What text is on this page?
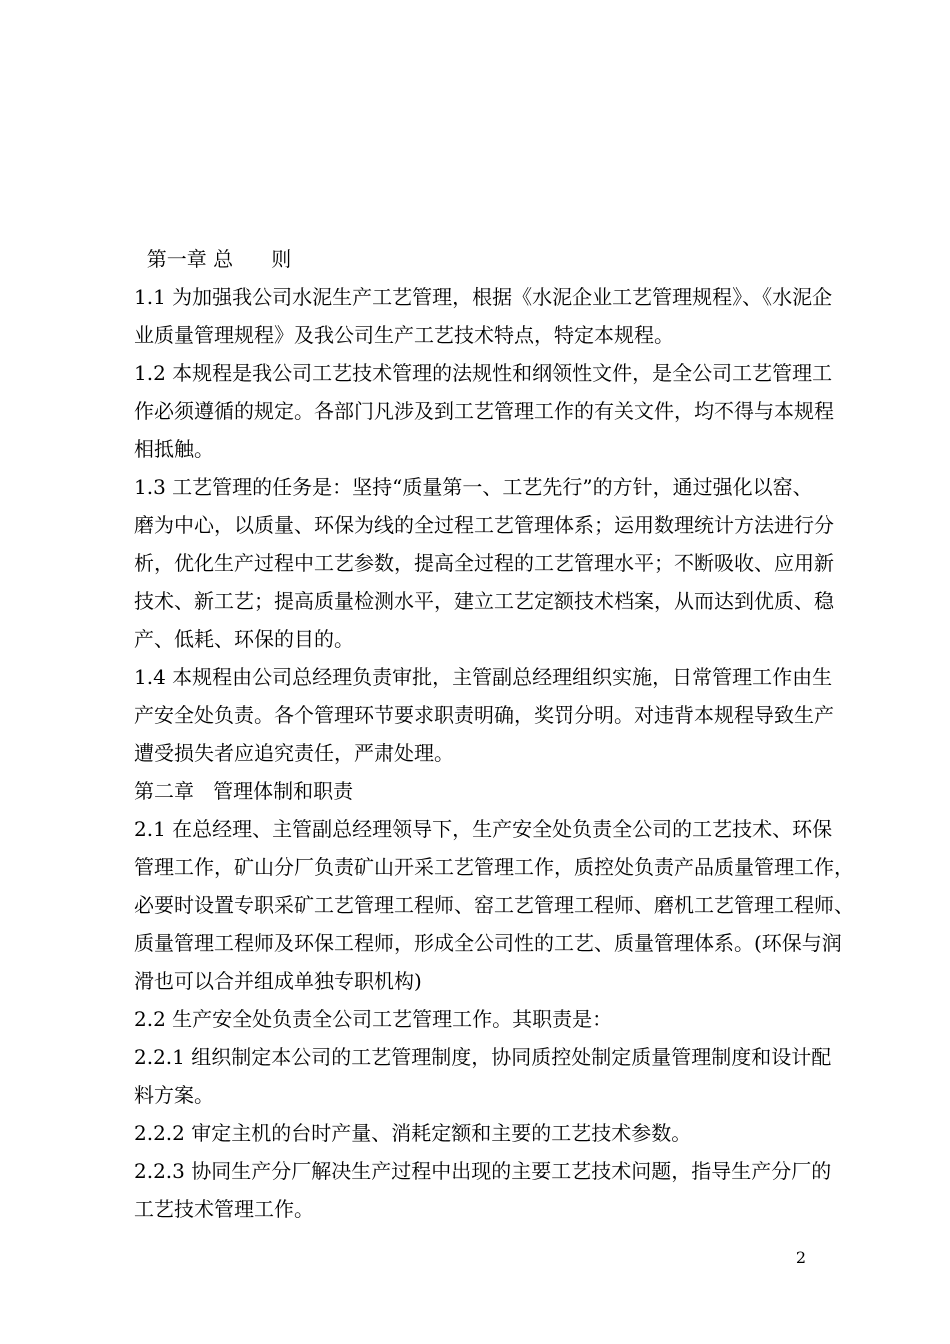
第一章 总      则
1.1 为加强我公司水泥生产工艺管理，根据《水泥企业工艺管理规程》、《水泥企
业质量管理规程》及我公司生产工艺技术特点，特定本规程。
1.2 本规程是我公司工艺技术管理的法规性和纲领性文件，是全公司工艺管理工
作必须遵循的规定。各部门凡涉及到工艺管理工作的有关文件，均不得与本规程
相抵触。
1.3 工艺管理的任务是：坚持“质量第一、工艺先行”的方针，通过强化以窑、
磨为中心，以质量、环保为线的全过程工艺管理体系；运用数理统计方法进行分
析，优化生产过程中工艺参数，提高全过程的工艺管理水平；不断吸收、应用新
技术、新工艺；提高质量检测水平，建立工艺定额技术档案，从而达到优质、稳
产、低耗、环保的目的。
1.4 本规程由公司总经理负责审批，主管副总经理组织实施，日常管理工作由生
产安全处负责。各个管理环节要求职责明确，奖罚分明。对违背本规程导致生产
遭受损失者应追究责任，严肃处理。
第二章   管理体制和职责
2.1 在总经理、主管副总经理领导下，生产安全处负责全公司的工艺技术、环保
管理工作，矿山分厂负责矿山开采工艺管理工作，质控处负责产品质量管理工作，
必要时设置专职采矿工艺管理工程师、窑工艺管理工程师、磨机工艺管理工程师、
质量管理工程师及环保工程师，形成全公司性的工艺、质量管理体系。(环保与润
滑也可以合并组成单独专职机构)
2.2 生产安全处负责全公司工艺管理工作。其职责是：
2.2.1 组织制定本公司的工艺管理制度，协同质控处制定质量管理制度和设计配
料方案。
2.2.2 审定主机的台时产量、消耗定额和主要的工艺技术参数。
2.2.3 协同生产分厂解决生产过程中出现的主要工艺技术问题，指导生产分厂的
工艺技术管理工作。
2
